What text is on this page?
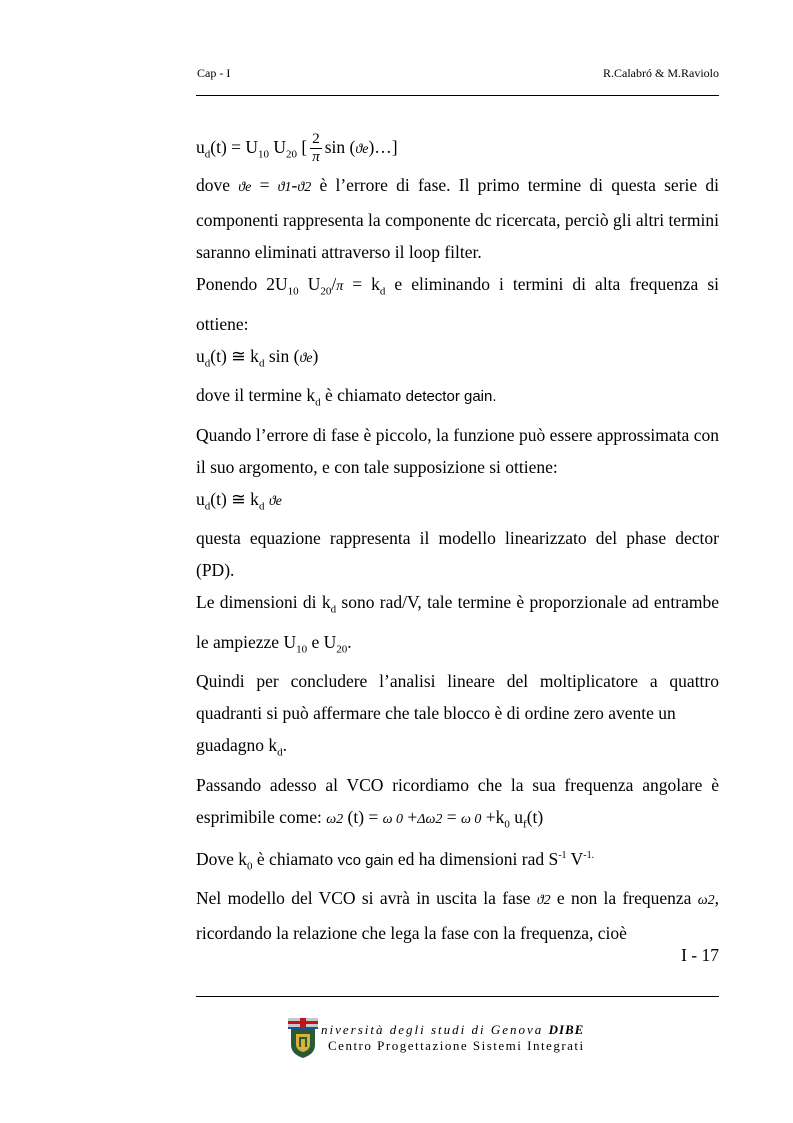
Cap - I	R.Calabró & M.Raviolo
$u_d(t) = U_{10}$ $U_{20}$ [ $\frac{2}{\pi}$ sin (ϑe)…]

dove ϑe = ϑ1-ϑ2 è l’errore di fase. Il primo termine di questa serie di componenti rappresenta la componente dc ricercata, perciò gli altri termini saranno eliminati attraverso il loop filter.

Ponendo $2U_{10}$ $U_{20}/\pi = k_d$ e eliminando i termini di alta frequenza si ottiene:

$u_d(t)$ ≅ $k_d$ sin (ϑe)
dove il termine $k_d$ è chiamato detector gain.

Quando l’errore di fase è piccolo, la funzione può essere approssimata con il suo argomento, e con tale supposizione si ottiene:

$u_d(t)$ ≅ $k_d$ ϑe

questa equazione rappresenta il modello linearizzato del phase dector (PD).

Le dimensioni di $k_d$ sono rad/V, tale termine è proporzionale ad entrambe le ampiezze $U_{10}$ e $U_{20}$.

Quindi per concludere l’analisi lineare del moltiplicatore a quattro
quadranti si può affermare che tale blocco è di ordine zero avente un
guadagno $k_d$.
Passando adesso al VCO ricordiamo che la sua frequenza angolare è
esprimibile come: ω2 (t) = ω 0 +Δω2 = ω $0 +k_0$ $u_f(t)$
Dove $k_0$ è chiamato vco gain ed ha dimensioni rad $S^{-1}$ $V^{-1.}$

Nel modello del VCO si avrà in uscita la fase ϑ2 e non la frequenza ω2, ricordando la relazione che lega la fase con la frequenza, cioè

I - 17
niversità degli studi di Genova DIBE
Centro Progettazione Sistemi Integrati
